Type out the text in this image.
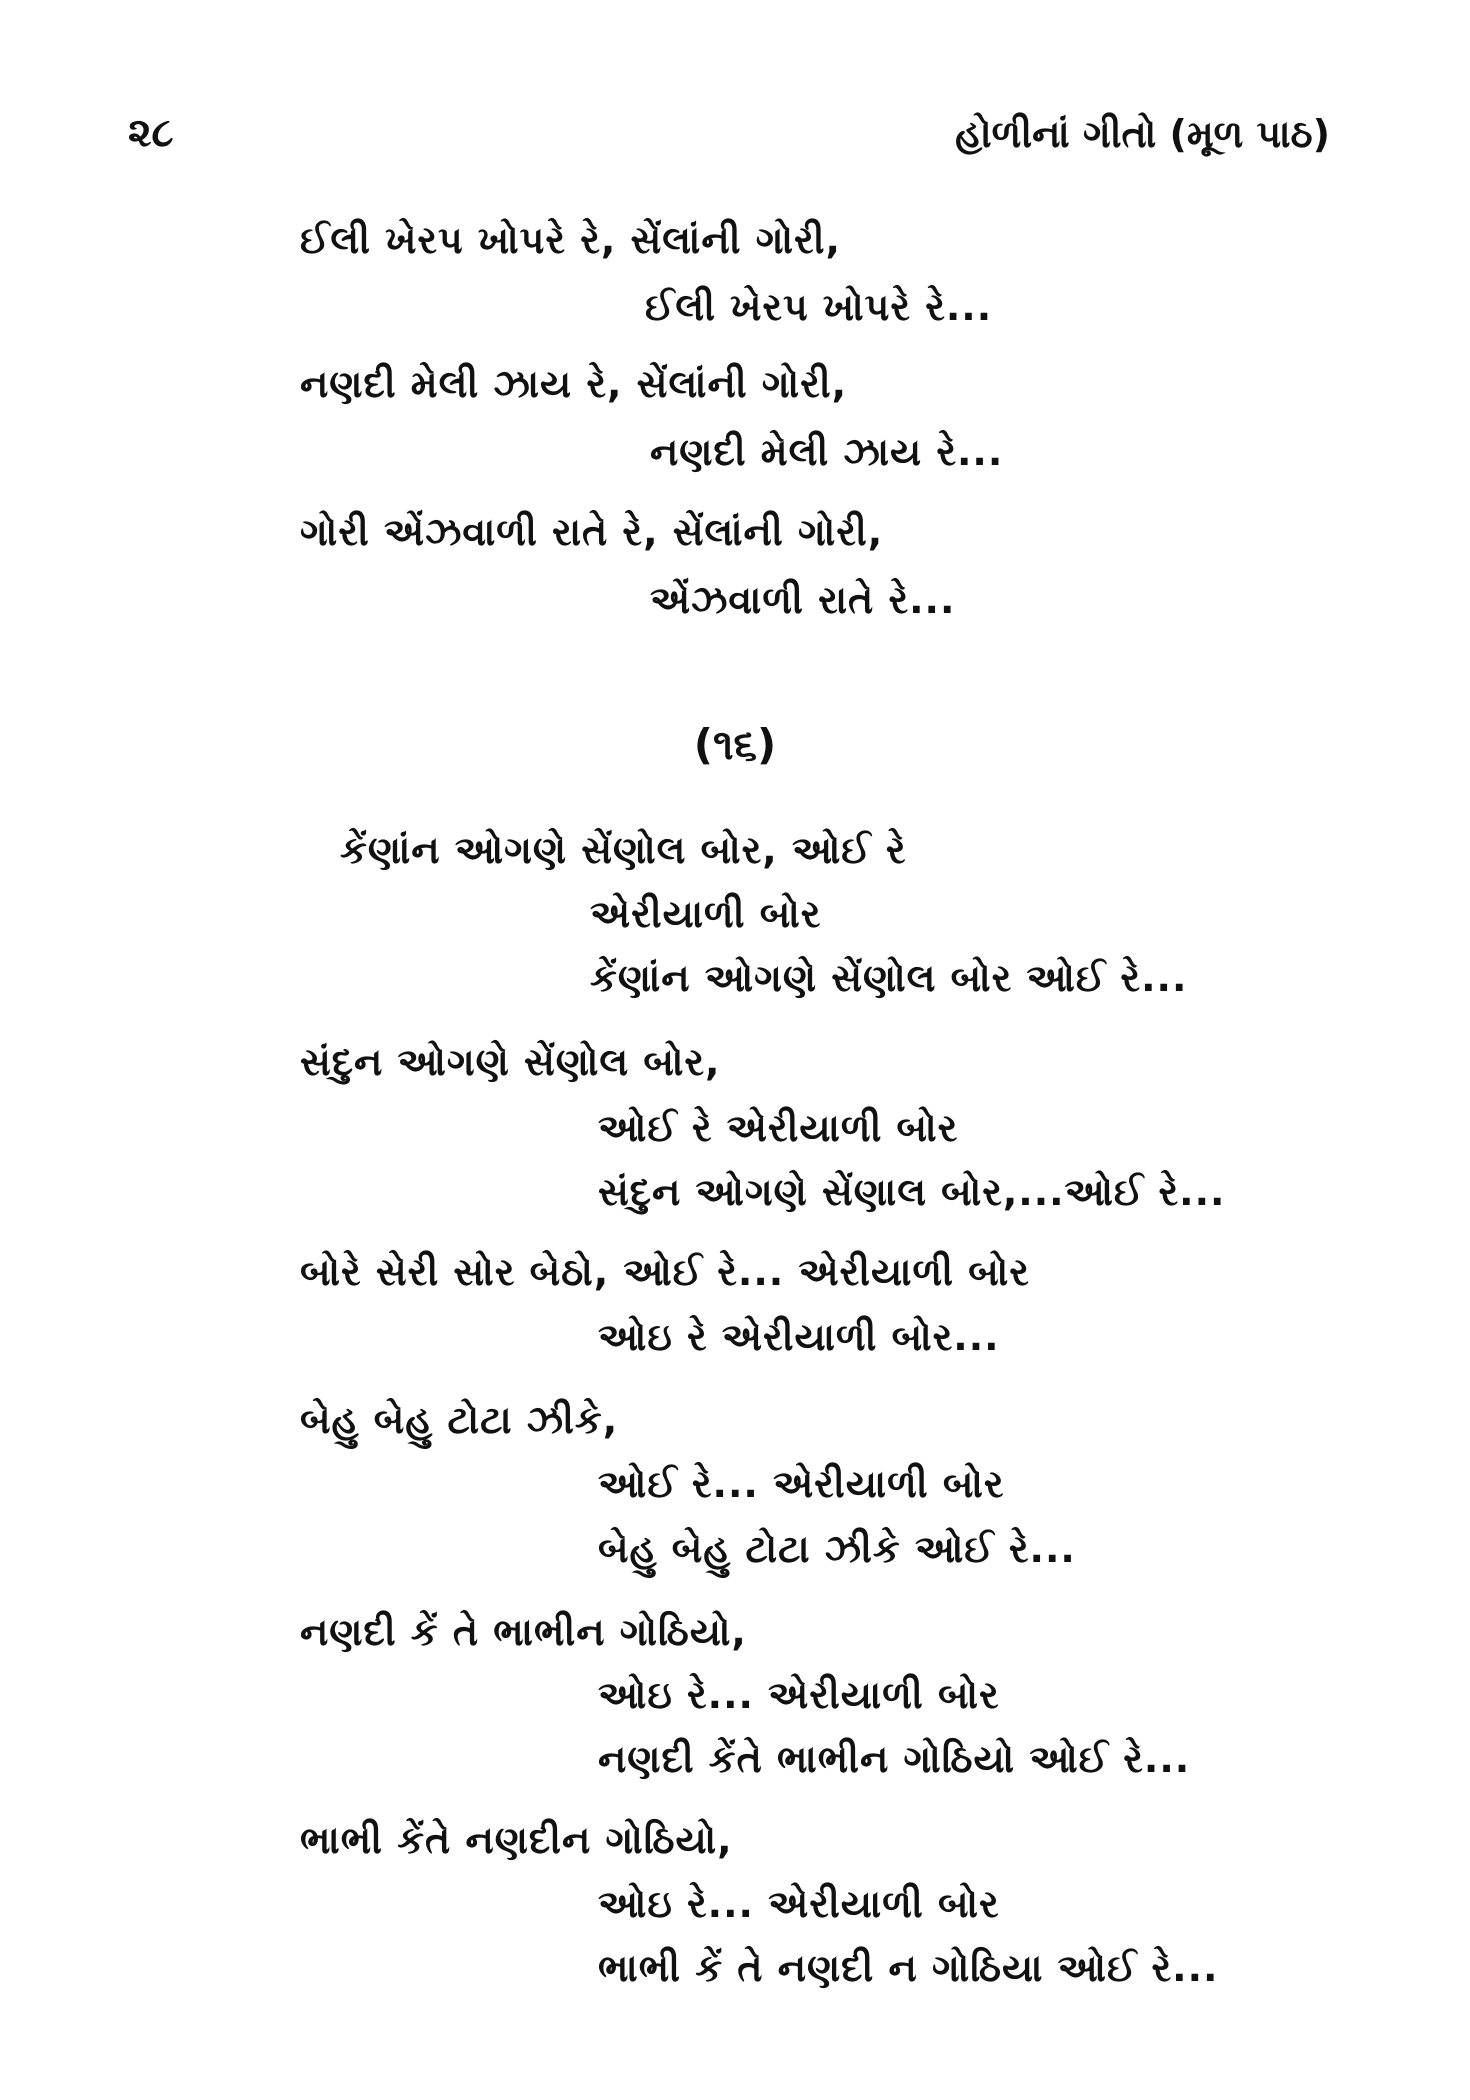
૨૮	હોળીનાં ગીતો (મૂળ પાઠ)
ઈલી ખેરપ ખોપરે રે, સેંલાંની ગોરી,
ઈલી ખેરપ ખોપરે રે...
નણદી મેલી ઝાય રે, સેંલાંની ગોરી,
નણદી મેલી ઝાય રે...
ગોરી એંઝવાળી રાતે રે, સેંલાંની ગોરી,
એંઝવાળી રાતે રે...
(૧૬)
કેંણાંન ઓગણે સેંણોલ બોર, ઓઈ રે
એરીયાળી બોર
કેંણાંન ઓગણે સેંણોલ બોર ઓઈ રે...
સંદુન ઓગણે સેંણોલ બોર,
ઓઈ રે એરીયાળી બોર
સંદુન ઓગણે સેંણાલ બોર,...ઓઈ રે...
બોરે સેરી સોર બેઠો, ઓઈ રે... એરીયાળી બોર
ઓઇ રે એરીયાળી બોર...
બેહુ બેહુ ટોટા ઝીકે,
ઓઈ રે... એરીયાળી બોર
બેહુ બેહુ ટોટા ઝીકે ઓઈ રે...
નણદી કેં તે ભાભીન ગોઠિયો,
ઓઇ રે... એરીયાળી બોર
નણદી કેંતે ભાભીન ગોઠિયો ઓઈ રે...
ભાભી કેંતે નણદીન ગોઠિયો,
ઓઇ રે... એરીયાળી બોર
ભાભી કેં તે નણદી ન ગોઠિયા ઓઈ રે...
